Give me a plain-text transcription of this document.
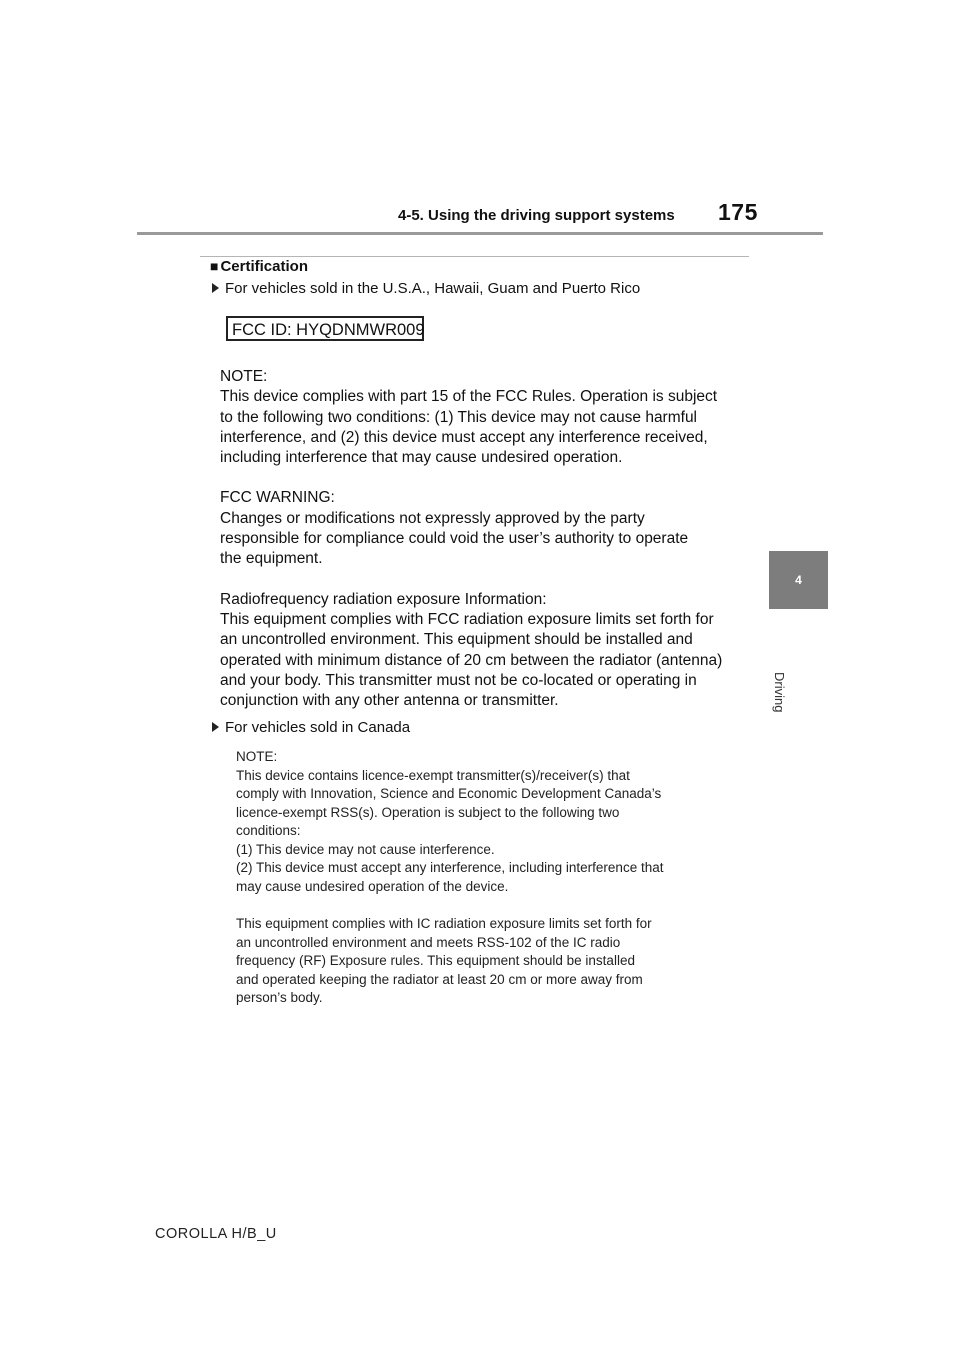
4-5. Using the driving support systems 175
■ Certification
For vehicles sold in the U.S.A., Hawaii, Guam and Puerto Rico
FCC ID: HYQDNMWR009
NOTE:
This device complies with part 15 of the FCC Rules. Operation is subject
to the following two conditions: (1) This device may not cause harmful
interference, and (2) this device must accept any interference received,
including interference that may cause undesired operation.
FCC WARNING:
Changes or modifications not expressly approved by the party
responsible for compliance could void the user’s authority to operate
the equipment.
Radiofrequency radiation exposure Information:
This equipment complies with FCC radiation exposure limits set forth for
an uncontrolled environment. This equipment should be installed and
operated with minimum distance of 20 cm between the radiator (antenna)
and your body. This transmitter must not be co-located or operating in
conjunction with any other antenna or transmitter.
For vehicles sold in Canada
NOTE:
This device contains licence-exempt transmitter(s)/receiver(s) that
comply with Innovation, Science and Economic Development Canada’s
licence-exempt RSS(s). Operation is subject to the following two
conditions:
(1) This device may not cause interference.
(2) This device must accept any interference, including interference that
may cause undesired operation of the device.
This equipment complies with IC radiation exposure limits set forth for
an uncontrolled environment and meets RSS-102 of the IC radio
frequency (RF) Exposure rules. This equipment should be installed
and operated keeping the radiator at least 20 cm or more away from
person’s body.
4
Driving
COROLLA H/B_U
